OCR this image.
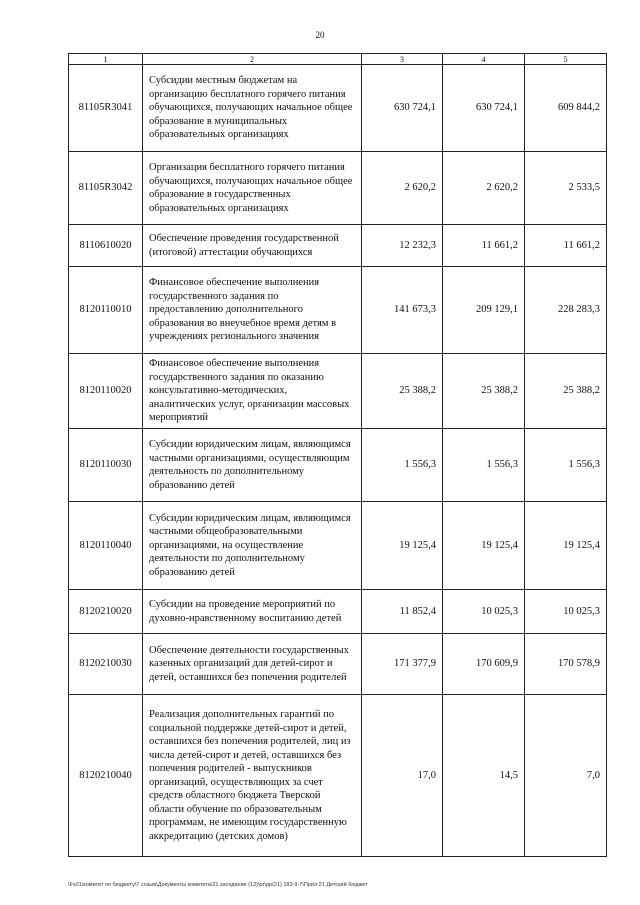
20
1	2	3	4	5
81105R3041	Субсидии местным бюджетам на организацию бесплатного горячего питания обучающихся, получающих начальное общее образование в муниципальных образовательных организациях	630 724,1	630 724,1	609 844,2
81105R3042	Организация бесплатного горячего питания обучающихся, получающих начальное общее образование в государственных образовательных организациях	2 620,2	2 620,2	2 533,5
8110610020	Обеспечение проведения государственной (итоговой) аттестации обучающихся	12 232,3	11 661,2	11 661,2
8120110010	Финансовое обеспечение выполнения государственного задания по предоставлению дополнительного образования во внеучебное время детям в учреждениях регионального значения	141 673,3	209 129,1	228 283,3
8120110020	Финансовое обеспечение выполнения государственного задания по оказанию консультативно-методических, аналитических услуг, организации массовых мероприятий	25 388,2	25 388,2	25 388,2
8120110030	Субсидии юридическим лицам, являющимся частными организациями, осуществляющим деятельность по дополнительному образованию детей	1 556,3	1 556,3	1 556,3
8120110040	Субсидии юридическим лицам, являющимся частными общеобразовательными организациями, на осуществление деятельности по дополнительному образованию детей	19 125,4	19 125,4	19 125,4
8120210020	Субсидии на проведение мероприятий по духовно-нравственному воспитанию детей	11 852,4	10 025,3	10 025,3
8120210030	Обеспечение деятельности государственных казенных организаций для детей-сирот и детей, оставшихся без попечения родителей	171 377,9	170 609,9	170 578,9
8120210040	Реализация дополнительных гарантий по социальной поддержке детей-сирот и детей, оставшихся без попечения родителей, лиц из числа детей-сирот и детей, оставшихся без попечения родителей - выпускников организаций, осуществляющих за счет средств областного бюджета Тверской области обучение по образовательным программам, не имеющим государственную аккредитацию (детских домов)	17,0	14,5	7,0
\Fs01\комитет по бюджету\7 созыв\Документы комитета\21 заседание (12)\pr\рр(21) 183-II-7\Прил 21 Детский бюджет
